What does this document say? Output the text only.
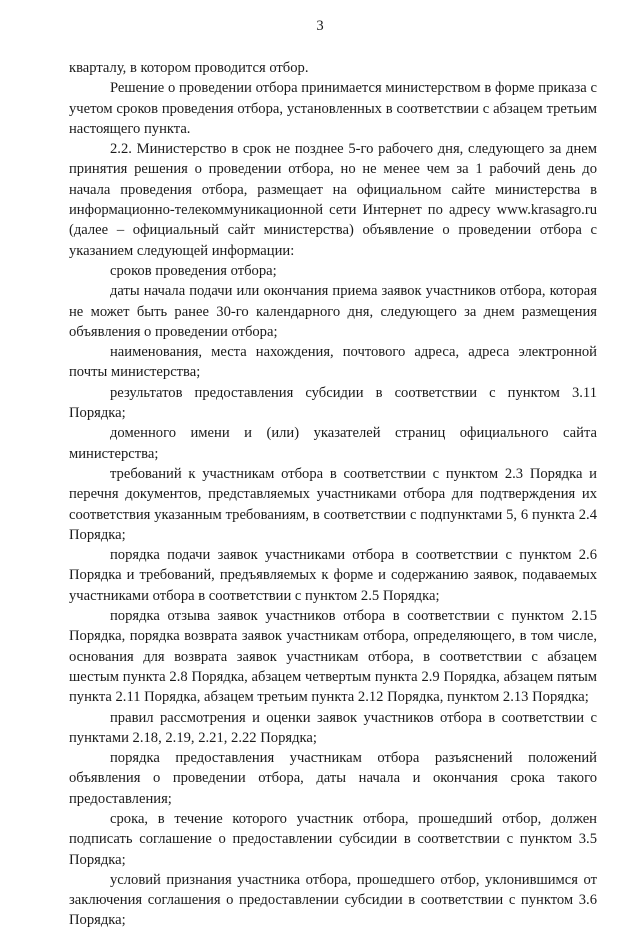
3

кварталу, в котором проводится отбор.

Решение о проведении отбора принимается министерством в форме приказа с учетом сроков проведения отбора, установленных в соответствии с абзацем третьим настоящего пункта.

2.2. Министерство в срок не позднее 5-го рабочего дня, следующего за днем принятия решения о проведении отбора, но не менее чем за 1 рабочий день до начала проведения отбора, размещает на официальном сайте министерства в информационно-телекоммуникационной сети Интернет по адресу www.krasagro.ru (далее – официальный сайт министерства) объявление о проведении отбора с указанием следующей информации:

сроков проведения отбора;

даты начала подачи или окончания приема заявок участников отбора, которая не может быть ранее 30-го календарного дня, следующего за днем размещения объявления о проведении отбора;

наименования, места нахождения, почтового адреса, адреса электронной почты министерства;

результатов предоставления субсидии в соответствии с пунктом 3.11 Порядка;

доменного имени и (или) указателей страниц официального сайта министерства;

требований к участникам отбора в соответствии с пунктом 2.3 Порядка и перечня документов, представляемых участниками отбора для подтверждения их соответствия указанным требованиям, в соответствии с подпунктами 5, 6 пункта 2.4 Порядка;

порядка подачи заявок участниками отбора в соответствии с пунктом 2.6 Порядка и требований, предъявляемых к форме и содержанию заявок, подаваемых участниками отбора в соответствии с пунктом 2.5 Порядка;

порядка отзыва заявок участников отбора в соответствии с пунктом 2.15 Порядка, порядка возврата заявок участникам отбора, определяющего, в том числе, основания для возврата заявок участникам отбора, в соответствии с абзацем шестым пункта 2.8 Порядка, абзацем четвертым пункта 2.9 Порядка, абзацем пятым пункта 2.11 Порядка, абзацем третьим пункта 2.12 Порядка, пунктом 2.13 Порядка;

правил рассмотрения и оценки заявок участников отбора в соответствии с пунктами 2.18, 2.19, 2.21, 2.22 Порядка;

порядка предоставления участникам отбора разъяснений положений объявления о проведении отбора, даты начала и окончания срока такого предоставления;

срока, в течение которого участник отбора, прошедший отбор, должен подписать соглашение о предоставлении субсидии в соответствии с пунктом 3.5 Порядка;

условий признания участника отбора, прошедшего отбор, уклонившимся от заключения соглашения о предоставлении субсидии в соответствии с пунктом 3.6 Порядка;
